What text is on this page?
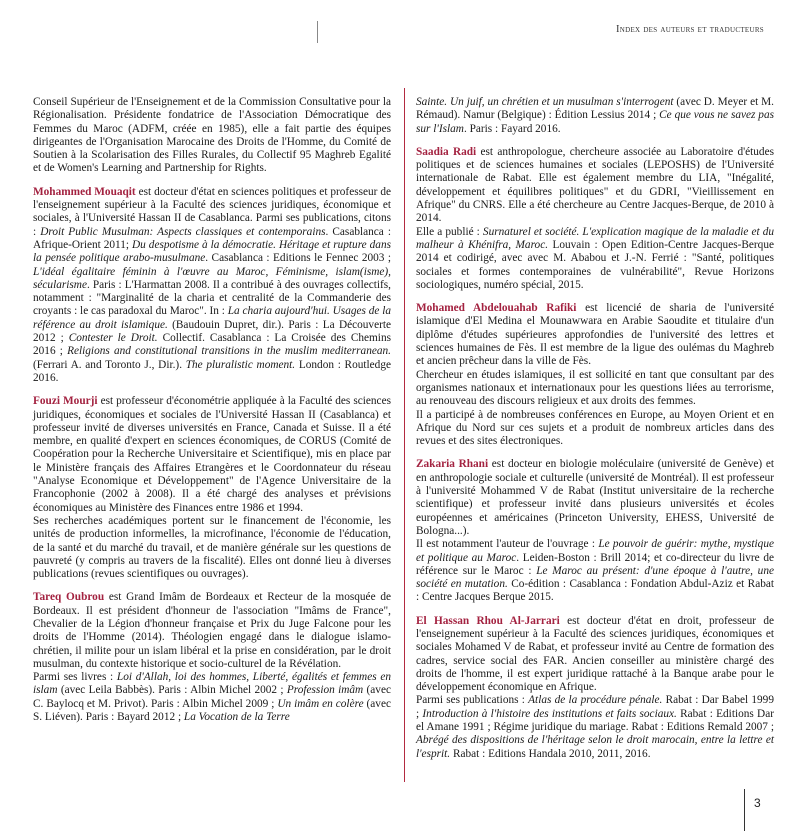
Index des auteurs et traducteurs

Conseil Supérieur de l'Enseignement et de la Commission Consultative pour la Régionalisation. Présidente fondatrice de l'Association Démocratique des Femmes du Maroc (ADFM, créée en 1985), elle a fait partie des équipes dirigeantes de l'Organisation Marocaine des Droits de l'Homme, du Comité de Soutien à la Scolarisation des Filles Rurales, du Collectif 95 Maghreb Egalité et de Women's Learning and Partnership for Rights.

Mohammed Mouaqit est docteur d'état en sciences politiques et professeur de l'enseignement supérieur à la Faculté des sciences juridiques, économique et sociales, à l'Université Hassan II de Casablanca. Parmi ses publications, citons : Droit Public Musulman: Aspects classiques et contemporains. Casablanca : Afrique-Orient 2011; Du despotisme à la démocratie. Héritage et rupture dans la pensée politique arabo-musulmane. Casablanca : Editions le Fennec 2003 ; L'idéal égalitaire féminin à l'œuvre au Maroc, Féminisme, islam(isme), sécularisme. Paris : L'Harmattan 2008. Il a contribué à des ouvrages collectifs, notamment : "Marginalité de la charia et centralité de la Commanderie des croyants : le cas paradoxal du Maroc". In : La charia aujourd'hui. Usages de la référence au droit islamique. (Baudouin Dupret, dir.). Paris : La Découverte 2012 ; Contester le Droit. Collectif. Casablanca : La Croisée des Chemins 2016 ; Religions and constitutional transitions in the muslim mediterranean. (Ferrari A. and Toronto J., Dir.). The pluralistic moment. London : Routledge 2016.

Fouzi Mourji est professeur d'économétrie appliquée à la Faculté des sciences juridiques, économiques et sociales de l'Université Hassan II (Casablanca) et professeur invité de diverses universités en France, Canada et Suisse. Il a été membre, en qualité d'expert en sciences économiques, de CORUS (Comité de Coopération pour la Recherche Universitaire et Scientifique), mis en place par le Ministère français des Affaires Etrangères et le Coordonnateur du réseau "Analyse Economique et Développement" de l'Agence Universitaire de la Francophonie (2002 à 2008). Il a été chargé des analyses et prévisions économiques au Ministère des Finances entre 1986 et 1994.

Ses recherches académiques portent sur le financement de l'économie, les unités de production informelles, la microfinance, l'économie de l'éducation, de la santé et du marché du travail, et de manière générale sur les questions de pauvreté (y compris au travers de la fiscalité). Elles ont donné lieu à diverses publications (revues scientifiques ou ouvrages).

Tareq Oubrou est Grand Imâm de Bordeaux et Recteur de la mosquée de Bordeaux. Il est président d'honneur de l'association "Imâms de France", Chevalier de la Légion d'honneur française et Prix du Juge Falcone pour les droits de l'Homme (2014). Théologien engagé dans le dialogue islamo-chrétien, il milite pour un islam libéral et la prise en considération, par le droit musulman, du contexte historique et socio-culturel de la Révélation.

Parmi ses livres : Loi d'Allah, loi des hommes, Liberté, égalités et femmes en islam (avec Leila Babbès). Paris : Albin Michel 2002 ; Profession imâm (avec C. Baylocq et M. Privot). Paris : Albin Michel 2009 ; Un imâm en colère (avec S. Liéven). Paris : Bayard 2012 ; La Vocation de la Terre

Sainte. Un juif, un chrétien et un musulman s'interrogent (avec D. Meyer et M. Rémaud). Namur (Belgique) : Édition Lessius 2014 ; Ce que vous ne savez pas sur l'Islam. Paris : Fayard 2016.

Saadia Radi est anthropologue, chercheure associée au Laboratoire d'études politiques et de sciences humaines et sociales (LEPOSHS) de l'Université internationale de Rabat. Elle est également membre du LIA, "Inégalité, développement et équilibres politiques" et du GDRI, "Vieillissement en Afrique" du CNRS. Elle a été chercheure au Centre Jacques-Berque, de 2010 à 2014.

Elle a publié : Surnaturel et société. L'explication magique de la maladie et du malheur à Khénifra, Maroc. Louvain : Open Edition-Centre Jacques-Berque 2014 et codirigé, avec avec M. Ababou et J.-N. Ferrié : "Santé, politiques sociales et formes contemporaines de vulnérabilité", Revue Horizons sociologiques, numéro spécial, 2015.

Mohamed Abdelouahab Rafiki est licencié de sharia de l'université islamique d'El Medina el Mounawwara en Arabie Saoudite et titulaire d'un diplôme d'études supérieures approfondies de l'université des lettres et sciences humaines de Fès. Il est membre de la ligue des oulémas du Maghreb et ancien prêcheur dans la ville de Fès.

Chercheur en études islamiques, il est sollicité en tant que consultant par des organismes nationaux et internationaux pour les questions liées au terrorisme, au renouveau des discours religieux et aux droits des femmes.

Il a participé à de nombreuses conférences en Europe, au Moyen Orient et en Afrique du Nord sur ces sujets et a produit de nombreux articles dans des revues et des sites électroniques.

Zakaria Rhani est docteur en biologie moléculaire (université de Genève) et en anthropologie sociale et culturelle (université de Montréal). Il est professeur à l'université Mohammed V de Rabat (Institut universitaire de la recherche scientifique) et professeur invité dans plusieurs universités et écoles européennes et américaines (Princeton University, EHESS, Université de Bologna...).

Il est notamment l'auteur de l'ouvrage : Le pouvoir de guérir: mythe, mystique et politique au Maroc. Leiden-Boston : Brill 2014; et co-directeur du livre de référence sur le Maroc : Le Maroc au présent: d'une époque à l'autre, une société en mutation. Co-édition : Casablanca : Fondation Abdul-Aziz et Rabat : Centre Jacques Berque 2015.

El Hassan Rhou Al-Jarrari est docteur d'état en droit, professeur de l'enseignement supérieur à la Faculté des sciences juridiques, économiques et sociales Mohamed V de Rabat, et professeur invité au Centre de formation des cadres, service social des FAR. Ancien conseiller au ministère chargé des droits de l'homme, il est expert juridique rattaché à la Banque arabe pour le développement économique en Afrique.

Parmi ses publications : Atlas de la procédure pénale. Rabat : Dar Babel 1999 ; Introduction à l'histoire des institutions et faits sociaux. Rabat : Editions Dar el Amane 1991 ; Régime juridique du mariage. Rabat : Editions Remald 2007 ; Abrégé des dispositions de l'héritage selon le droit marocain, entre la lettre et l'esprit. Rabat : Editions Handala 2010, 2011, 2016.

3
